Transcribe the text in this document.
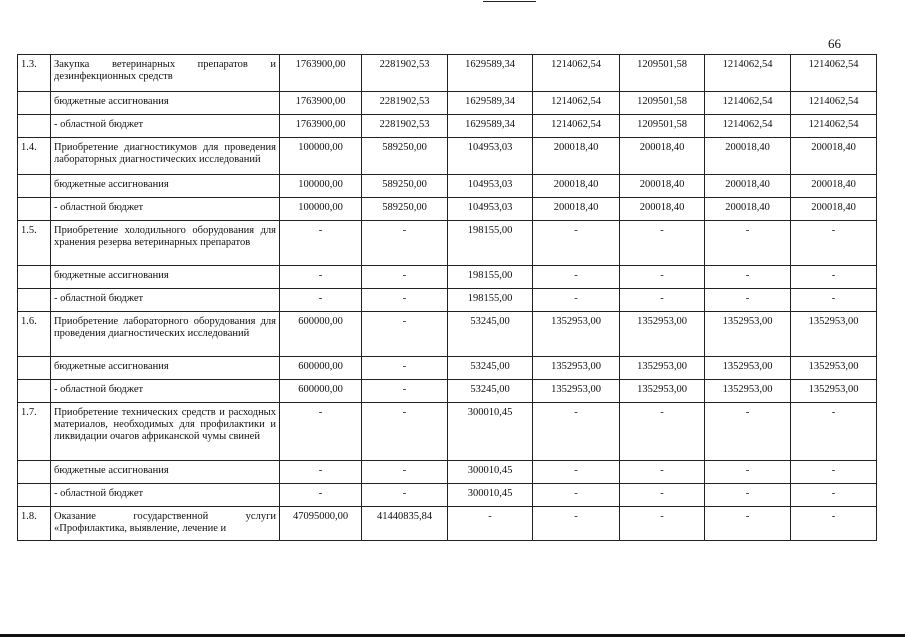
66
1.3.	Закупка ветеринарных препаратов и дезинфекционных средств	1763900,00	2281902,53	1629589,34	1214062,54	1209501,58	1214062,54	1214062,54
	бюджетные ассигнования	1763900,00	2281902,53	1629589,34	1214062,54	1209501,58	1214062,54	1214062,54
	- областной бюджет	1763900,00	2281902,53	1629589,34	1214062,54	1209501,58	1214062,54	1214062,54
1.4.	Приобретение диагностикумов для проведения лабораторных диагностических исследований	100000,00	589250,00	104953,03	200018,40	200018,40	200018,40	200018,40
	бюджетные ассигнования	100000,00	589250,00	104953,03	200018,40	200018,40	200018,40	200018,40
	- областной бюджет	100000,00	589250,00	104953,03	200018,40	200018,40	200018,40	200018,40
1.5.	Приобретение холодильного оборудования для хранения резерва ветеринарных препаратов	-	-	198155,00	-	-	-	-
	бюджетные ассигнования	-	-	198155,00	-	-	-	-
	- областной бюджет	-	-	198155,00	-	-	-	-
1.6.	Приобретение лабораторного оборудования для проведения диагностических исследований	600000,00	-	53245,00	1352953,00	1352953,00	1352953,00	1352953,00
	бюджетные ассигнования	600000,00	-	53245,00	1352953,00	1352953,00	1352953,00	1352953,00
	- областной бюджет	600000,00	-	53245,00	1352953,00	1352953,00	1352953,00	1352953,00
1.7.	Приобретение технических средств и расходных материалов, необходимых для профилактики и ликвидации очагов африканской чумы свиней	-	-	300010,45	-	-	-	-
	бюджетные ассигнования	-	-	300010,45	-	-	-	-
	- областной бюджет	-	-	300010,45	-	-	-	-
1.8.	Оказание государственной услуги «Профилактика, выявление, лечение и	47095000,00	41440835,84	-	-	-	-	-
